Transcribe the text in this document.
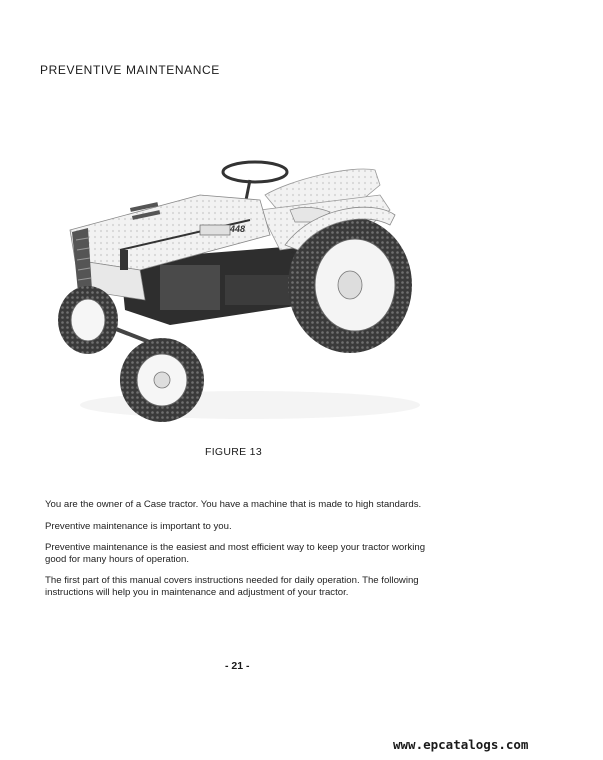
PREVENTIVE MAINTENANCE
448
FIGURE 13

You are the owner of a Case tractor. You have a machine that is made to high standards.

Preventive maintenance is important to you.

Preventive maintenance is the easiest and most efficient way to keep your tractor working good for many hours of operation.

The first part of this manual covers instructions needed for daily operation. The following instructions will help you in maintenance and adjustment of your tractor.

- 21 -
www.epcatalogs.com
